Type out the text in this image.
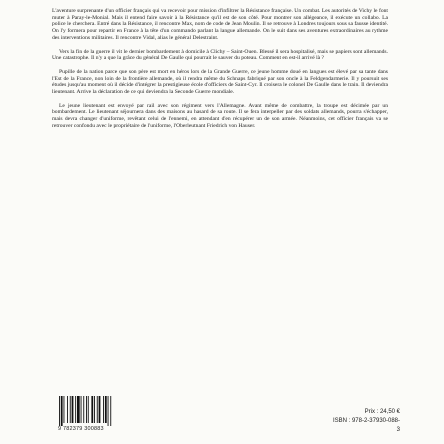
L'aventure surprenante d'un officier français qui va recevoir pour mission d'infiltrer la Résistance française. Un combat. Les autorités de Vichy le font muter à Paray-le-Monial. Mais il entend faire savoir à la Résistance qu'il est de son côté. Pour montrer son allégeance, il exécute un collabo. La police le cherchera. Entré dans la Résistance, il rencontre Max, nom de code de Jean Moulin. Il se retrouve à Londres toujours sous sa fausse identité. On l'y formera pour repartir en France à la tête d'un commando parlant la langue allemande. On le suit dans ses aventures extraordinaires au rythme des interventions militaires. Il rencontre Vidal, alias le général Delestraint.

Vers la fin de la guerre il vit le dernier bombardement à domicile à Clichy – Saint-Ouen. Blessé il sera hospitalisé, mais se papiers sont allemands. Une catastrophe. Il n'y a que la grâce du général De Gaulle qui pourrait le sauver du poteau. Comment en est-il arrivé là ?

Pupille de la nation parce que son père est mort en héros lors de la Grande Guerre, ce jeune homme doué en langues est élevé par sa tante dans l'Est de la France, non loin de la frontière allemande, où il rendra même du Schnaps fabriqué par son oncle à la Feldgendarmerie. Il y poursuit ses études jusqu'au moment où il décide d'intégrer la prestigieuse école d'officiers de Saint-Cyr. Il croisera le colonel De Gaulle dans le train. Il deviendra lieutenant. Arrive la déclaration de ce qui deviendra la Seconde Guerre mondiale.

Le jeune lieutenant est envoyé par rail avec son régiment vers l'Allemagne. Avant même de combattre, la troupe est décimée par un bombardement. Le lieutenant séjournera dans des maisons au hasard de sa route. Il se fera interpeller par des soldats allemands, pourra s'échapper, mais devra changer d'uniforme, revêtant celui de l'ennemi, en attendant d'en récupérer un de son armée. Néanmoins, cet officier français va se retrouver confondu avec le propriétaire de l'uniforme, l'Oberleutnant Friedrich von Hauser.

9 782379 300883
Prix : 24,50 €
ISBN : 978-2-37930-088-3
